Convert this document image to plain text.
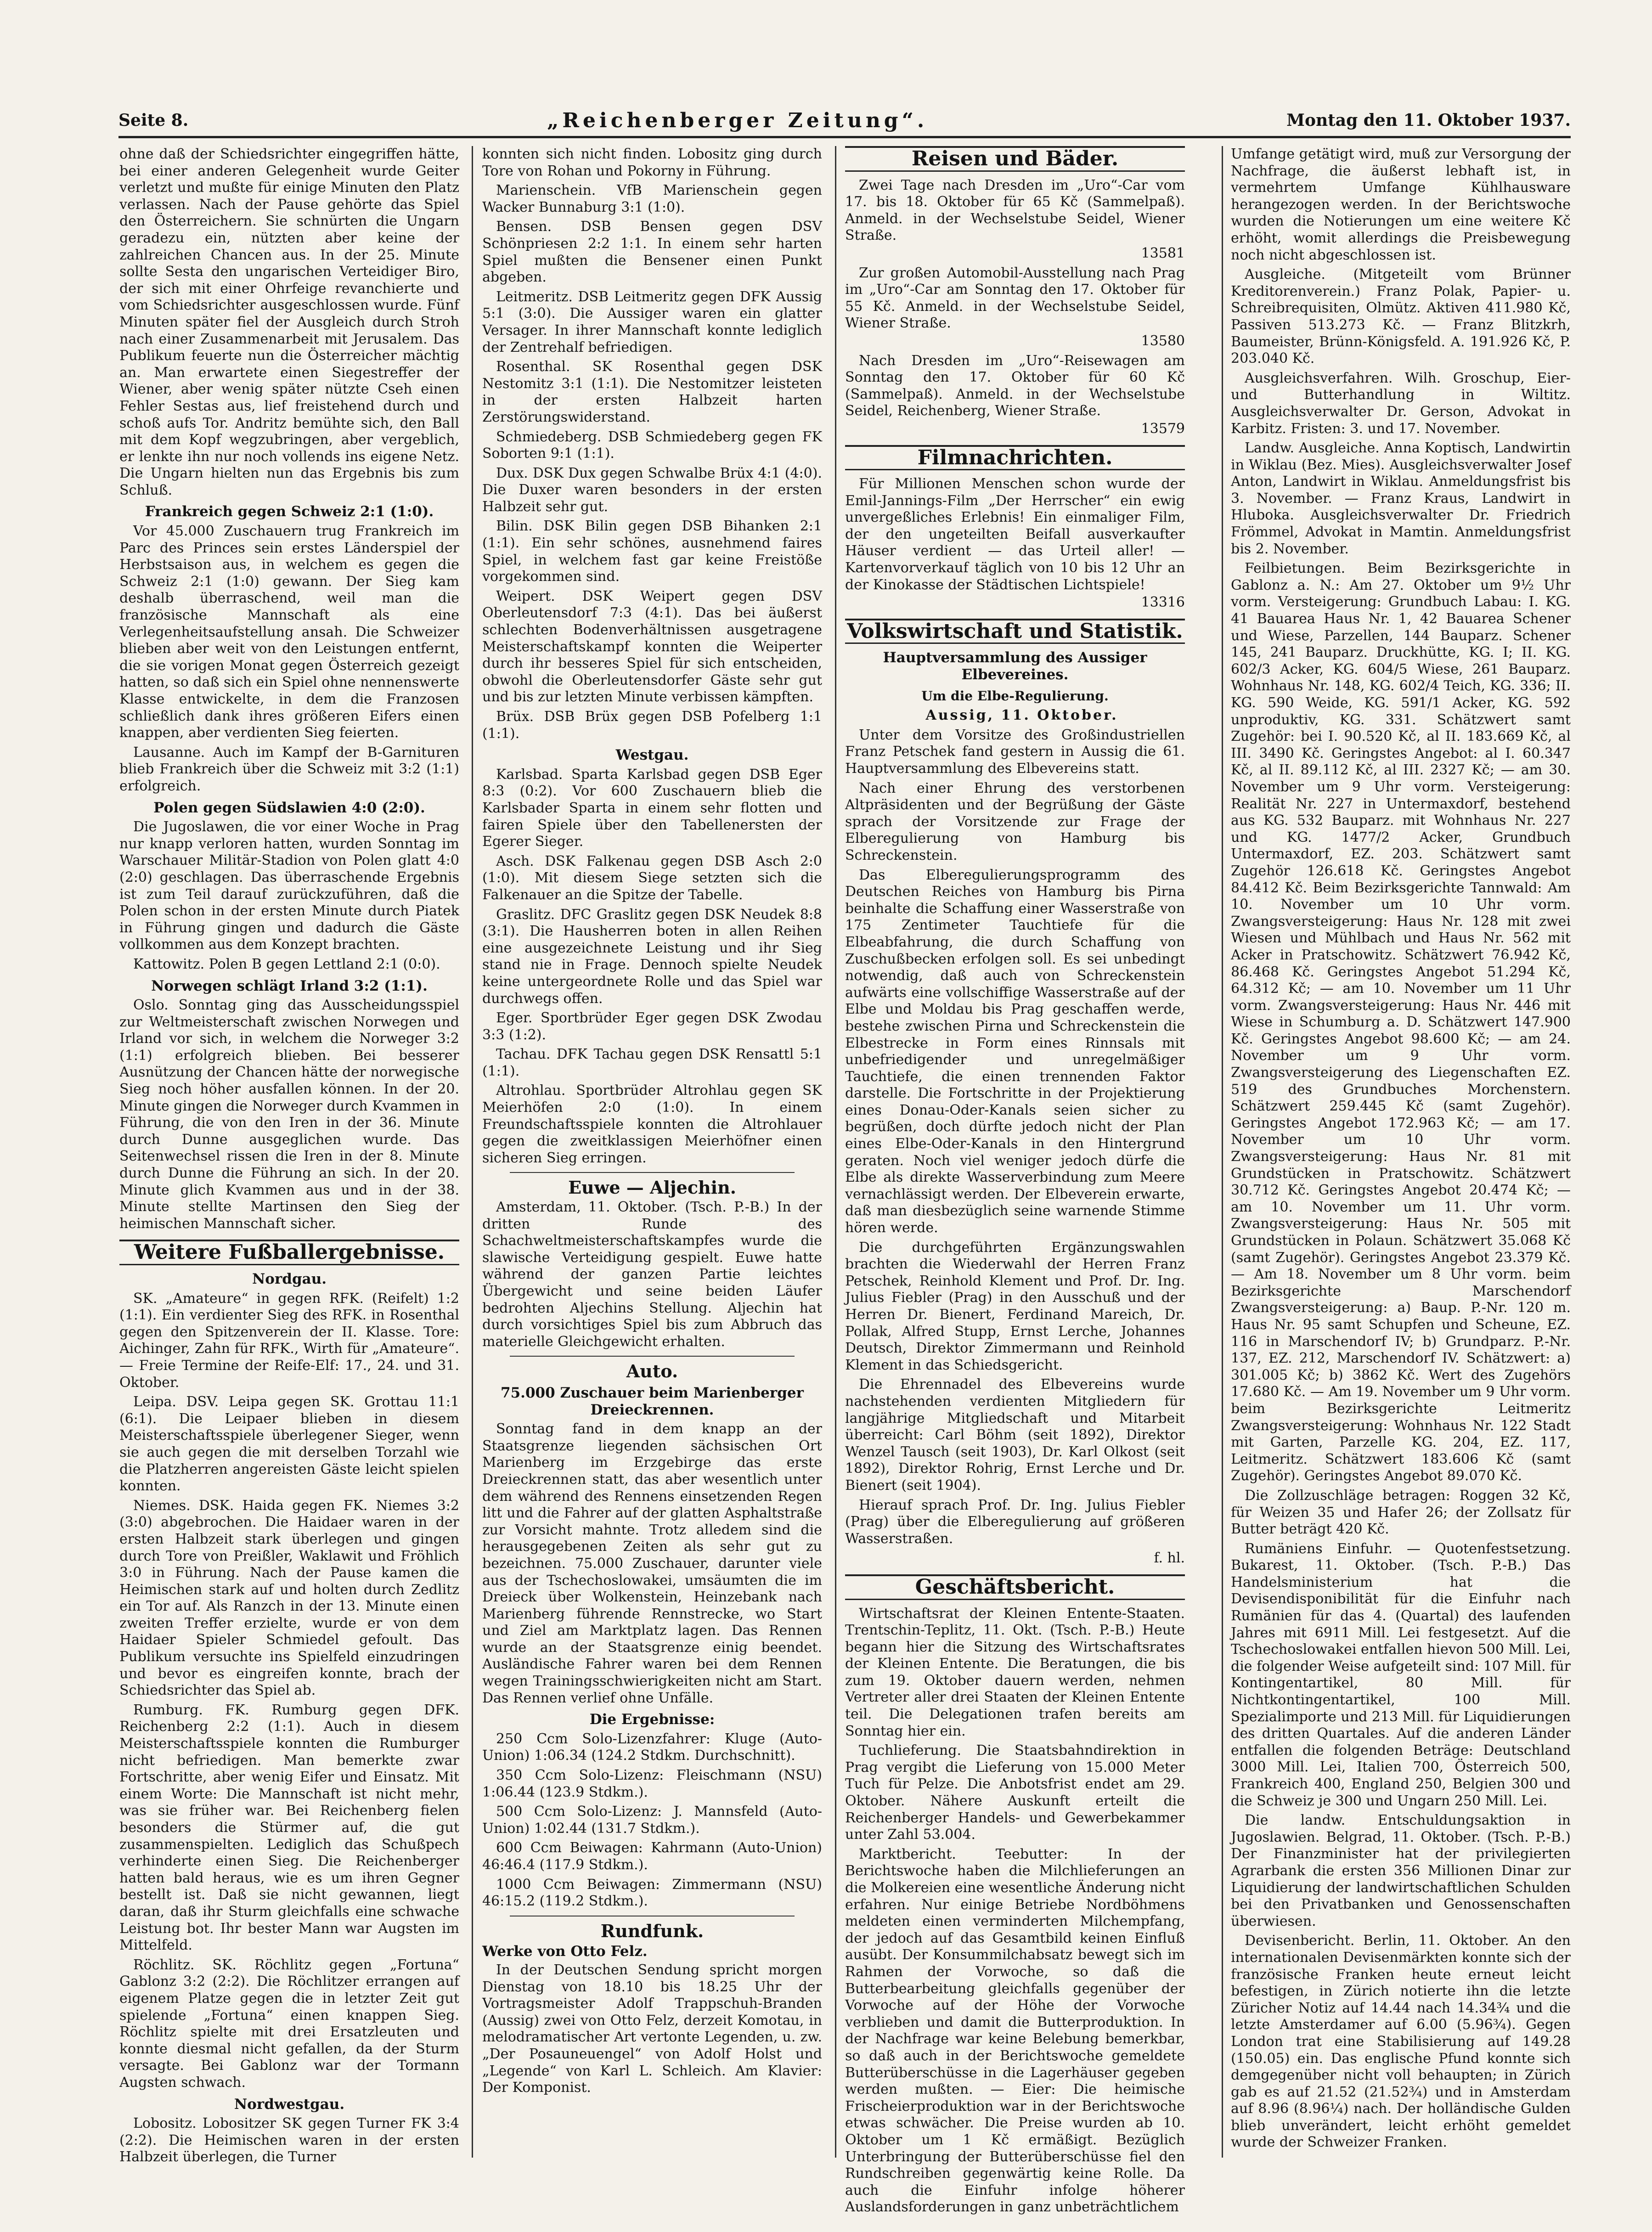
Seite 8.	„Reichenberger Zeitung“.	Montag den 11. Oktober 1937.

ohne daß der Schiedsrichter eingegriffen hätte, bei einer anderen Gelegenheit wurde Geiter verletzt und mußte für einige Minuten den Platz verlassen. Nach der Pause gehörte das Spiel den Österreichern. Sie schnürten die Ungarn geradezu ein, nützten aber keine der zahlreichen Chancen aus. In der 25. Minute sollte Sesta den ungarischen Verteidiger Biro, der sich mit einer Ohrfeige revanchierte und vom Schiedsrichter ausgeschlossen wurde. Fünf Minuten später fiel der Ausgleich durch Stroh nach einer Zusammenarbeit mit Jerusalem. Das Publikum feuerte nun die Österreicher mächtig an. Man erwartete einen Siegestreffer der Wiener, aber wenig später nützte Cseh einen Fehler Sestas aus, lief freistehend durch und schoß aufs Tor. Andritz bemühte sich, den Ball mit dem Kopf wegzubringen, aber vergeblich, er lenkte ihn nur noch vollends ins eigene Netz. Die Ungarn hielten nun das Ergebnis bis zum Schluß.

Frankreich gegen Schweiz 2:1 (1:0).

Vor 45.000 Zuschauern trug Frankreich im Parc des Princes sein erstes Länderspiel der Herbstsaison aus, in welchem es gegen die Schweiz 2:1 (1:0) gewann. Der Sieg kam deshalb überraschend, weil man die französische Mannschaft als eine Verlegenheitsaufstellung ansah. Die Schweizer blieben aber weit von den Leistungen entfernt, die sie vorigen Monat gegen Österreich gezeigt hatten, so daß sich ein Spiel ohne nennenswerte Klasse entwickelte, in dem die Franzosen schließlich dank ihres größeren Eifers einen knappen, aber verdienten Sieg feierten.

Lausanne. Auch im Kampf der B-Garnituren blieb Frankreich über die Schweiz mit 3:2 (1:1) erfolgreich.

Polen gegen Südslawien 4:0 (2:0).

Die Jugoslawen, die vor einer Woche in Prag nur knapp verloren hatten, wurden Sonntag im Warschauer Militär-Stadion von Polen glatt 4:0 (2:0) geschlagen. Das überraschende Ergebnis ist zum Teil darauf zurückzuführen, daß die Polen schon in der ersten Minute durch Piatek in Führung gingen und dadurch die Gäste vollkommen aus dem Konzept brachten.

Kattowitz. Polen B gegen Lettland 2:1 (0:0).

Norwegen schlägt Irland 3:2 (1:1).

Oslo. Sonntag ging das Ausscheidungsspiel zur Weltmeisterschaft zwischen Norwegen und Irland vor sich, in welchem die Norweger 3:2 (1:1) erfolgreich blieben. Bei besserer Ausnützung der Chancen hätte der norwegische Sieg noch höher ausfallen können. In der 20. Minute gingen die Norweger durch Kvammen in Führung, die von den Iren in der 36. Minute durch Dunne ausgeglichen wurde. Das Seitenwechsel rissen die Iren in der 8. Minute durch Dunne die Führung an sich. In der 20. Minute glich Kvammen aus und in der 38. Minute stellte Martinsen den Sieg der heimischen Mannschaft sicher.

Weitere Fußballergebnisse.
Nordgau.

SK. „Amateure“ in gegen RFK. (Reifelt) 1:2 (1:1). Ein verdienter Sieg des RFK. in Rosenthal gegen den Spitzenverein der II. Klasse. Tore: Aichinger, Zahn für RFK., Wirth für „Amateure“. — Freie Termine der Reife-Elf: 17., 24. und 31. Oktober.

Leipa. DSV. Leipa gegen SK. Grottau 11:1 (6:1). Die Leipaer blieben in diesem Meisterschaftsspiele überlegener Sieger, wenn sie auch gegen die mit derselben Torzahl wie die Platzherren angereisten Gäste leicht spielen konnten.

Niemes. DSK. Haida gegen FK. Niemes 3:2 (3:0) abgebrochen. Die Haidaer waren in der ersten Halbzeit stark überlegen und gingen durch Tore von Preißler, Waklawit und Fröhlich 3:0 in Führung. Nach der Pause kamen die Heimischen stark auf und holten durch Zedlitz ein Tor auf. Als Ranzch in der 13. Minute einen zweiten Treffer erzielte, wurde er von dem Haidaer Spieler Schmiedel gefoult. Das Publikum versuchte ins Spielfeld einzudringen und bevor es eingreifen konnte, brach der Schiedsrichter das Spiel ab.

Rumburg. FK. Rumburg gegen DFK. Reichenberg 2:2 (1:1). Auch in diesem Meisterschaftsspiele konnten die Rumburger nicht befriedigen. Man bemerkte zwar Fortschritte, aber wenig Eifer und Einsatz. Mit einem Worte: Die Mannschaft ist nicht mehr, was sie früher war. Bei Reichenberg fielen besonders die Stürmer auf, die gut zusammenspielten. Lediglich das Schußpech verhinderte einen Sieg. Die Reichenberger hatten bald heraus, wie es um ihren Gegner bestellt ist. Daß sie nicht gewannen, liegt daran, daß ihr Sturm gleichfalls eine schwache Leistung bot. Ihr bester Mann war Augsten im Mittelfeld.

Röchlitz. SK. Röchlitz gegen „Fortuna“ Gablonz 3:2 (2:2). Die Röchlitzer errangen auf eigenem Platze gegen die in letzter Zeit gut spielende „Fortuna“ einen knappen Sieg. Röchlitz spielte mit drei Ersatzleuten und konnte diesmal nicht gefallen, da der Sturm versagte. Bei Gablonz war der Tormann Augsten schwach.

Nordwestgau.

Lobositz. Lobositzer SK gegen Turner FK 3:4 (2:2). Die Heimischen waren in der ersten Halbzeit überlegen, die Turner

konnten sich nicht finden. Lobositz ging durch Tore von Rohan und Pokorny in Führung.

Marienschein. VfB Marienschein gegen Wacker Bunnaburg 3:1 (1:0).

Bensen. DSB Bensen gegen DSV Schönpriesen 2:2 1:1. In einem sehr harten Spiel mußten die Bensener einen Punkt abgeben.

Leitmeritz. DSB Leitmeritz gegen DFK Aussig 5:1 (3:0). Die Aussiger waren ein glatter Versager. In ihrer Mannschaft konnte lediglich der Zentrehalf befriedigen.

Rosenthal. SK Rosenthal gegen DSK Nestomitz 3:1 (1:1). Die Nestomitzer leisteten in der ersten Halbzeit harten Zerstörungswiderstand.

Schmiedeberg. DSB Schmiedeberg gegen FK Soborten 9:1 (1:1).

Dux. DSK Dux gegen Schwalbe Brüx 4:1 (4:0). Die Duxer waren besonders in der ersten Halbzeit sehr gut.

Bilin. DSK Bilin gegen DSB Bihanken 2:1 (1:1). Ein sehr schönes, ausnehmend faires Spiel, in welchem fast gar keine Freistöße vorgekommen sind.

Weipert. DSK Weipert gegen DSV Oberleutensdorf 7:3 (4:1). Das bei äußerst schlechten Bodenverhältnissen ausgetragene Meisterschaftskampf konnten die Weiperter durch ihr besseres Spiel für sich entscheiden, obwohl die Oberleutensdorfer Gäste sehr gut und bis zur letzten Minute verbissen kämpften.

Brüx. DSB Brüx gegen DSB Pofelberg 1:1 (1:1).

Westgau.

Karlsbad. Sparta Karlsbad gegen DSB Eger 8:3 (0:2). Vor 600 Zuschauern blieb die Karlsbader Sparta in einem sehr flotten und fairen Spiele über den Tabellenersten der Egerer Sieger.

Asch. DSK Falkenau gegen DSB Asch 2:0 (1:0). Mit diesem Siege setzten sich die Falkenauer an die Spitze der Tabelle.

Graslitz. DFC Graslitz gegen DSK Neudek 8:8 (3:1). Die Hausherren boten in allen Reihen eine ausgezeichnete Leistung und ihr Sieg stand nie in Frage. Dennoch spielte Neudek keine untergeordnete Rolle und das Spiel war durchwegs offen.

Eger. Sportbrüder Eger gegen DSK Zwodau 3:3 (1:2).

Tachau. DFK Tachau gegen DSK Rensattl 5:1 (1:1).

Altrohlau. Sportbrüder Altrohlau gegen SK Meierhöfen 2:0 (1:0). In einem Freundschaftsspiele konnten die Altrohlauer gegen die zweitklassigen Meierhöfner einen sicheren Sieg erringen.

Euwe — Aljechin.

Amsterdam, 11. Oktober. (Tsch. P.-B.) In der dritten Runde des Schachweltmeisterschaftskampfes wurde die slawische Verteidigung gespielt. Euwe hatte während der ganzen Partie leichtes Übergewicht und seine beiden Läufer bedrohten Aljechins Stellung. Aljechin hat durch vorsichtiges Spiel bis zum Abbruch das materielle Gleichgewicht erhalten.

Auto.
75.000 Zuschauer beim Marienberger Dreieckrennen.

Sonntag fand in dem knapp an der Staatsgrenze liegenden sächsischen Ort Marienberg im Erzgebirge das erste Dreieckrennen statt, das aber wesentlich unter dem während des Rennens einsetzenden Regen litt und die Fahrer auf der glatten Asphaltstraße zur Vorsicht mahnte. Trotz alledem sind die herausgegebenen Zeiten als sehr gut zu bezeichnen. 75.000 Zuschauer, darunter viele aus der Tschechoslowakei, umsäumten die im Dreieck über Wolkenstein, Heinzebank nach Marienberg führende Rennstrecke, wo Start und Ziel am Marktplatz lagen. Das Rennen wurde an der Staatsgrenze einig beendet. Ausländische Fahrer waren bei dem Rennen wegen Trainingsschwierigkeiten nicht am Start. Das Rennen verlief ohne Unfälle.

Die Ergebnisse:

250 Ccm Solo-Lizenzfahrer: Kluge (Auto-Union) 1:06.34 (124.2 Stdkm. Durchschnitt).

350 Ccm Solo-Lizenz: Fleischmann (NSU) 1:06.44 (123.9 Stdkm.).

500 Ccm Solo-Lizenz: J. Mannsfeld (Auto-Union) 1:02.44 (131.7 Stdkm.).

600 Ccm Beiwagen: Kahrmann (Auto-Union) 46:46.4 (117.9 Stdkm.).

1000 Ccm Beiwagen: Zimmermann (NSU) 46:15.2 (119.2 Stdkm.).

Rundfunk.
Werke von Otto Felz.

In der Deutschen Sendung spricht morgen Dienstag von 18.10 bis 18.25 Uhr der Vortragsmeister Adolf Trappschuh-Branden (Aussig) zwei von Otto Felz, derzeit Komotau, in melodramatischer Art vertonte Legenden, u. zw. „Der Posauneuengel“ von Adolf Holst und „Legende“ von Karl L. Schleich. Am Klavier: Der Komponist.

Reisen und Bäder.

Zwei Tage nach Dresden im „Uro“-Car vom 17. bis 18. Oktober für 65 Kč (Sammelpaß). Anmeld. in der Wechselstube Seidel, Wiener Straße.

13581

Zur großen Automobil-Ausstellung nach Prag im „Uro“-Car am Sonntag den 17. Oktober für 55 Kč. Anmeld. in der Wechselstube Seidel, Wiener Straße.

13580

Nach Dresden im „Uro“-Reisewagen am Sonntag den 17. Oktober für 60 Kč (Sammelpaß). Anmeld. in der Wechselstube Seidel, Reichenberg, Wiener Straße.

13579

Filmnachrichten.

Für Millionen Menschen schon wurde der Emil-Jannings-Film „Der Herrscher“ ein ewig unvergeßliches Erlebnis! Ein einmaliger Film, der den ungeteilten Beifall ausverkaufter Häuser verdient — das Urteil aller! — Kartenvorverkauf täglich von 10 bis 12 Uhr an der Kinokasse der Städtischen Lichtspiele!

13316

Volkswirtschaft und Statistik.
Hauptversammlung des Aussiger Elbevereines.
Um die Elbe-Regulierung.

Aussig, 11. Oktober.

Unter dem Vorsitze des Großindustriellen Franz Petschek fand gestern in Aussig die 61. Hauptversammlung des Elbevereins statt.

Nach einer Ehrung des verstorbenen Altpräsidenten und der Begrüßung der Gäste sprach der Vorsitzende zur Frage der Elberegulierung von Hamburg bis Schreckenstein.

Das Elberegulierungsprogramm des Deutschen Reiches von Hamburg bis Pirna beinhalte die Schaffung einer Wasserstraße von 175 Zentimeter Tauchtiefe für die Elbeabfahrung, die durch Schaffung von Zuschußbecken erfolgen soll. Es sei unbedingt notwendig, daß auch von Schreckenstein aufwärts eine vollschiffige Wasserstraße auf der Elbe und Moldau bis Prag geschaffen werde, bestehe zwischen Pirna und Schreckenstein die Elbestrecke in Form eines Rinnsals mit unbefriedigender und unregelmäßiger Tauchtiefe, die einen trennenden Faktor darstelle. Die Fortschritte in der Projektierung eines Donau-Oder-Kanals seien sicher zu begrüßen, doch dürfte jedoch nicht der Plan eines Elbe-Oder-Kanals in den Hintergrund geraten. Noch viel weniger jedoch dürfe die Elbe als direkte Wasserverbindung zum Meere vernachlässigt werden. Der Elbeverein erwarte, daß man diesbezüglich seine warnende Stimme hören werde.

Die durchgeführten Ergänzungswahlen brachten die Wiederwahl der Herren Franz Petschek, Reinhold Klement und Prof. Dr. Ing. Julius Fiebler (Prag) in den Ausschuß und der Herren Dr. Bienert, Ferdinand Mareich, Dr. Pollak, Alfred Stupp, Ernst Lerche, Johannes Deutsch, Direktor Zimmermann und Reinhold Klement in das Schiedsgericht.

Die Ehrennadel des Elbevereins wurde nachstehenden verdienten Mitgliedern für langjährige Mitgliedschaft und Mitarbeit überreicht: Carl Böhm (seit 1892), Direktor Wenzel Tausch (seit 1903), Dr. Karl Olkost (seit 1892), Direktor Rohrig, Ernst Lerche und Dr. Bienert (seit 1904).

Hierauf sprach Prof. Dr. Ing. Julius Fiebler (Prag) über die Elberegulierung auf größeren Wasserstraßen.

f. hl.

Geschäftsbericht.

Wirtschaftsrat der Kleinen Entente-Staaten. Trentschin-Teplitz, 11. Okt. (Tsch. P.-B.) Heute begann hier die Sitzung des Wirtschaftsrates der Kleinen Entente. Die Beratungen, die bis zum 19. Oktober dauern werden, nehmen Vertreter aller drei Staaten der Kleinen Entente teil. Die Delegationen trafen bereits am Sonntag hier ein.

Tuchlieferung. Die Staatsbahndirektion in Prag vergibt die Lieferung von 15.000 Meter Tuch für Pelze. Die Anbotsfrist endet am 29. Oktober. Nähere Auskunft erteilt die Reichenberger Handels- und Gewerbekammer unter Zahl 53.004.

Marktbericht. Teebutter: In der Berichtswoche haben die Milchlieferungen an die Molkereien eine wesentliche Änderung nicht erfahren. Nur einige Betriebe Nordböhmens meldeten einen verminderten Milchempfang, der jedoch auf das Gesamtbild keinen Einfluß ausübt. Der Konsummilchabsatz bewegt sich im Rahmen der Vorwoche, so daß die Butterbearbeitung gleichfalls gegenüber der Vorwoche auf der Höhe der Vorwoche verblieben und damit die Butterproduktion. In der Nachfrage war keine Belebung bemerkbar, so daß auch in der Berichtswoche gemeldete Butterüberschüsse in die Lagerhäuser gegeben werden mußten. — Eier: Die heimische Frischeierproduktion war in der Berichtswoche etwas schwächer. Die Preise wurden ab 10. Oktober um 1 Kč ermäßigt. Bezüglich Unterbringung der Butterüberschüsse fiel den Rundschreiben gegenwärtig keine Rolle. Da auch die Einfuhr infolge höherer Auslandsforderungen in ganz unbeträchtlichem

Umfange getätigt wird, muß zur Versorgung der Nachfrage, die äußerst lebhaft ist, in vermehrtem Umfange Kühlhausware herangezogen werden. In der Berichtswoche wurden die Notierungen um eine weitere Kč erhöht, womit allerdings die Preisbewegung noch nicht abgeschlossen ist.

Ausgleiche. (Mitgeteilt vom Brünner Kreditorenverein.) Franz Polak, Papier- u. Schreibrequisiten, Olmütz. Aktiven 411.980 Kč, Passiven 513.273 Kč. — Franz Blitzkrh, Baumeister, Brünn-Königsfeld. A. 191.926 Kč, P. 203.040 Kč.

Ausgleichsverfahren. Wilh. Groschup, Eier- und Butterhandlung in Wiltitz. Ausgleichsverwalter Dr. Gerson, Advokat in Karbitz. Fristen: 3. und 17. November.

Landw. Ausgleiche. Anna Koptisch, Landwirtin in Wiklau (Bez. Mies). Ausgleichsverwalter Josef Anton, Landwirt in Wiklau. Anmeldungsfrist bis 3. November. — Franz Kraus, Landwirt in Hluboka. Ausgleichsverwalter Dr. Friedrich Frömmel, Advokat in Mamtin. Anmeldungsfrist bis 2. November.

Feilbietungen. Beim Bezirksgerichte in Gablonz a. N.: Am 27. Oktober um 9½ Uhr vorm. Versteigerung: Grundbuch Labau: I. KG. 41 Bauarea Haus Nr. 1, 42 Bauarea Schener und Wiese, Parzellen, 144 Bauparz. Schener 145, 241 Bauparz. Druckhütte, KG. I; II. KG. 602/3 Acker, KG. 604/5 Wiese, 261 Bauparz. Wohnhaus Nr. 148, KG. 602/4 Teich, KG. 336; II. KG. 590 Weide, KG. 591/1 Acker, KG. 592 unproduktiv, KG. 331. Schätzwert samt Zugehör: bei I. 90.520 Kč, al II. 183.669 Kč, al III. 3490 Kč. Geringstes Angebot: al I. 60.347 Kč, al II. 89.112 Kč, al III. 2327 Kč; — am 30. November um 9 Uhr vorm. Versteigerung: Realität Nr. 227 in Untermaxdorf, bestehend aus KG. 532 Bauparz. mit Wohnhaus Nr. 227 und KG. 1477/2 Acker, Grundbuch Untermaxdorf, EZ. 203. Schätzwert samt Zugehör 126.618 Kč. Geringstes Angebot 84.412 Kč. Beim Bezirksgerichte Tannwald: Am 10. November um 10 Uhr vorm. Zwangsversteigerung: Haus Nr. 128 mit zwei Wiesen und Mühlbach und Haus Nr. 562 mit Acker in Pratschowitz. Schätzwert 76.942 Kč, 86.468 Kč. Geringstes Angebot 51.294 Kč, 64.312 Kč; — am 10. November um 11 Uhr vorm. Zwangsversteigerung: Haus Nr. 446 mit Wiese in Schumburg a. D. Schätzwert 147.900 Kč. Geringstes Angebot 98.600 Kč; — am 24. November um 9 Uhr vorm. Zwangsversteigerung des Liegenschaften EZ. 519 des Grundbuches Morchenstern. Schätzwert 259.445 Kč (samt Zugehör). Geringstes Angebot 172.963 Kč; — am 17. November um 10 Uhr vorm. Zwangsversteigerung: Haus Nr. 81 mit Grundstücken in Pratschowitz. Schätzwert 30.712 Kč. Geringstes Angebot 20.474 Kč; — am 10. November um 11. Uhr vorm. Zwangsversteigerung: Haus Nr. 505 mit Grundstücken in Polaun. Schätzwert 35.068 Kč (samt Zugehör). Geringstes Angebot 23.379 Kč. — Am 18. November um 8 Uhr vorm. beim Bezirksgerichte Marschendorf Zwangsversteigerung: a) Baup. P.-Nr. 120 m. Haus Nr. 95 samt Schupfen und Scheune, EZ. 116 in Marschendorf IV; b) Grundparz. P.-Nr. 137, EZ. 212, Marschendorf IV. Schätzwert: a) 301.005 Kč; b) 3862 Kč. Wert des Zugehörs 17.680 Kč. — Am 19. November um 9 Uhr vorm. beim Bezirksgerichte Leitmeritz Zwangsversteigerung: Wohnhaus Nr. 122 Stadt mit Garten, Parzelle KG. 204, EZ. 117, Leitmeritz. Schätzwert 183.606 Kč (samt Zugehör). Geringstes Angebot 89.070 Kč.

Die Zollzuschläge betragen: Roggen 32 Kč, für Weizen 35 und Hafer 26; der Zollsatz für Butter beträgt 420 Kč.

Rumäniens Einfuhr. — Quotenfestsetzung. Bukarest, 11. Oktober. (Tsch. P.-B.) Das Handelsministerium hat die Devisendisponibilität für die Einfuhr nach Rumänien für das 4. (Quartal) des laufenden Jahres mit 6911 Mill. Lei festgesetzt. Auf die Tschechoslowakei entfallen hievon 500 Mill. Lei, die folgender Weise aufgeteilt sind: 107 Mill. für Kontingentartikel, 80 Mill. für Nichtkontingentartikel, 100 Mill. Spezialimporte und 213 Mill. für Liquidierungen des dritten Quartales. Auf die anderen Länder entfallen die folgenden Beträge: Deutschland 3000 Mill. Lei, Italien 700, Österreich 500, Frankreich 400, England 250, Belgien 300 und die Schweiz je 300 und Ungarn 250 Mill. Lei.

Die landw. Entschuldungsaktion in Jugoslawien. Belgrad, 11. Oktober. (Tsch. P.-B.) Der Finanzminister hat der privilegierten Agrarbank die ersten 356 Millionen Dinar zur Liquidierung der landwirtschaftlichen Schulden bei den Privatbanken und Genossenschaften überwiesen.

Devisenbericht. Berlin, 11. Oktober. An den internationalen Devisenmärkten konnte sich der französische Franken heute erneut leicht befestigen, in Zürich notierte ihn die letzte Züricher Notiz auf 14.44 nach 14.34¾ und die letzte Amsterdamer auf 6.00 (5.96¾). Gegen London trat eine Stabilisierung auf 149.28 (150.05) ein. Das englische Pfund konnte sich demgegenüber nicht voll behaupten; in Zürich gab es auf 21.52 (21.52¾) und in Amsterdam auf 8.96 (8.96¼) nach. Der holländische Gulden blieb unverändert, leicht erhöht gemeldet wurde der Schweizer Franken.
